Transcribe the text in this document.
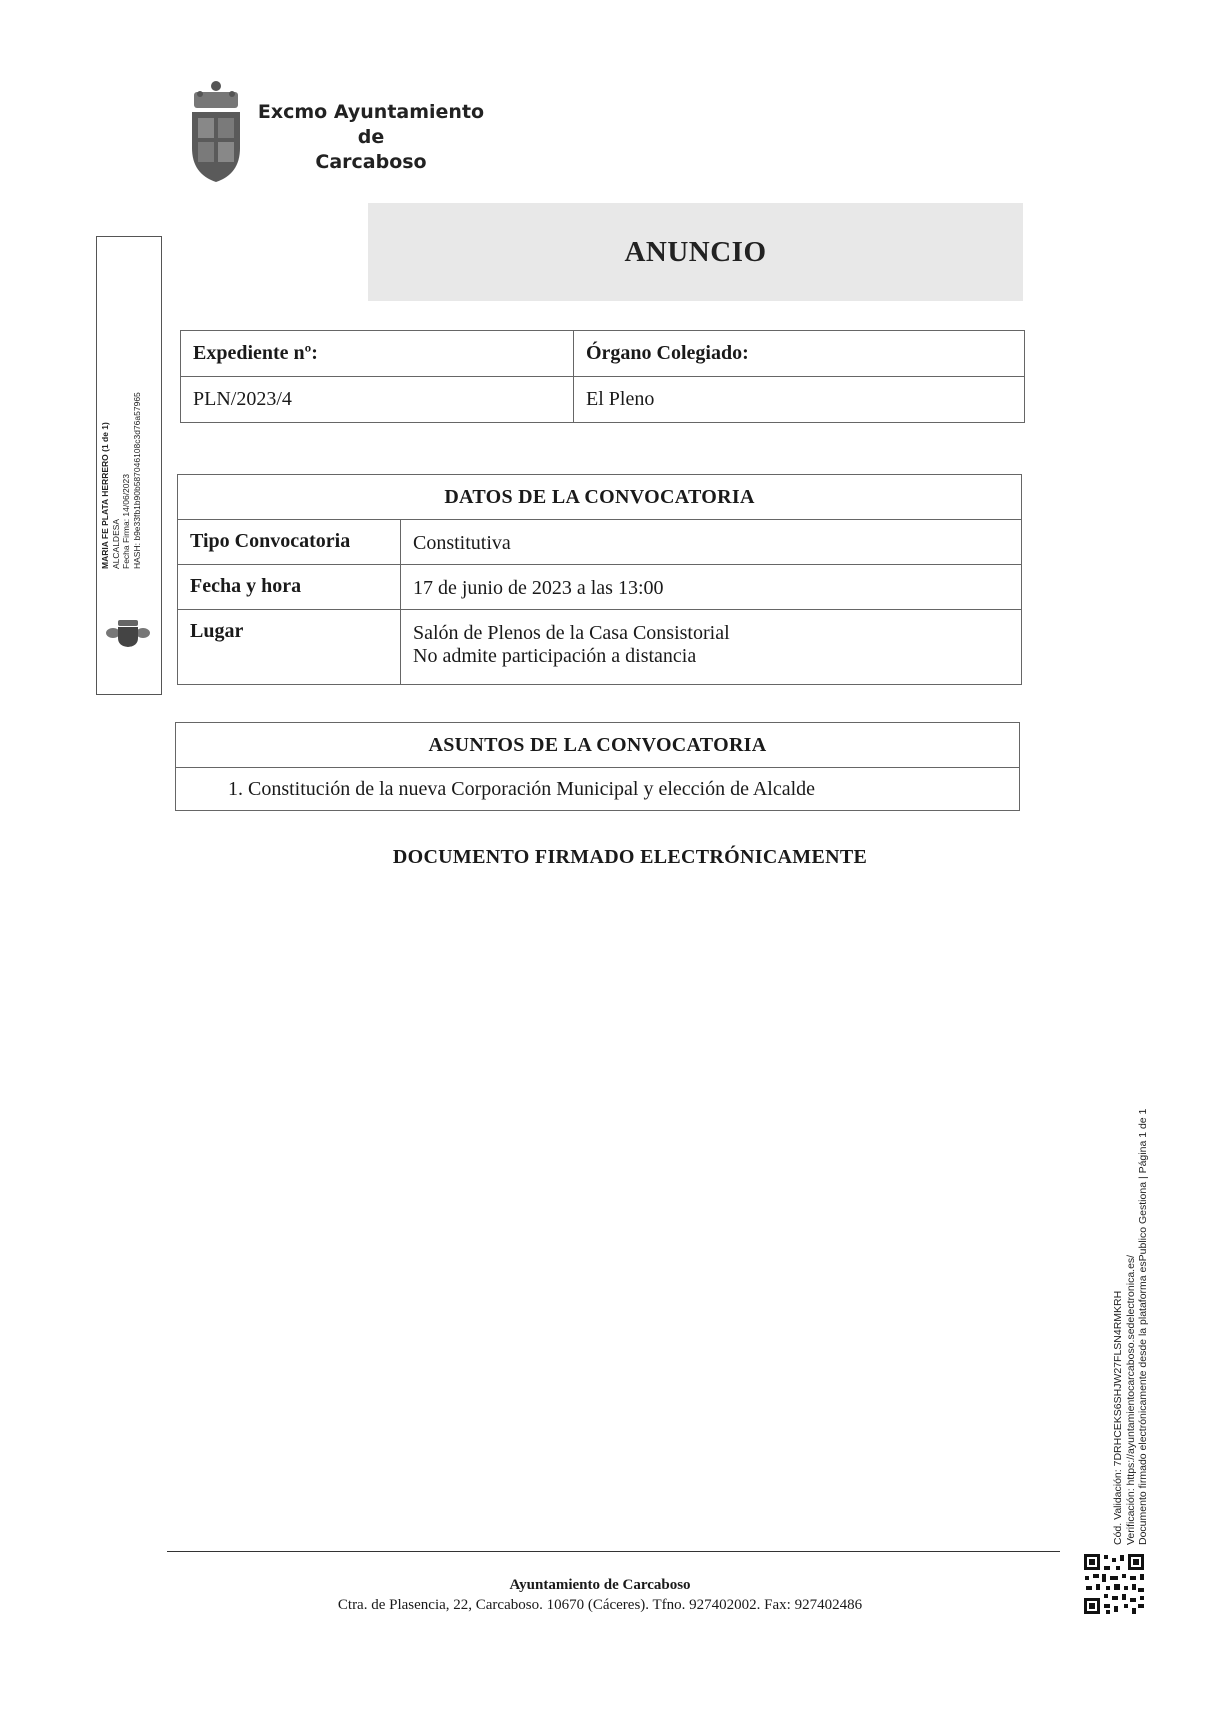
Excmo Ayuntamiento
de
Carcaboso
ANUNCIO
MARIA FE PLATA HERRERO (1 de 1) ALCALDESA Fecha Firma: 14/06/2023 HASH: b9e33fb1b90b587046108c3d76a57965
Expediente nº:	Órgano Colegiado:
PLN/2023/4	El Pleno
DATOS DE LA CONVOCATORIA	
Tipo Convocatoria	Constitutiva
Fecha y hora	17 de junio de 2023 a las 13:00
Lugar	Salón de Plenos de la Casa Consistorial
No admite participación a distancia
ASUNTOS DE LA CONVOCATORIA
1. Constitución de la nueva Corporación Municipal y elección de Alcalde
DOCUMENTO FIRMADO ELECTRÓNICAMENTE
Cód. Validación: 7DRHCEKS6SHJW27FLSN4RMKRH Verificación: https://ayuntamientocarcaboso.sedelectronica.es/ Documento firmado electrónicamente desde la plataforma esPublico Gestiona | Página 1 de 1
Ayuntamiento de Carcaboso
Ctra. de Plasencia, 22, Carcaboso. 10670 (Cáceres). Tfno. 927402002. Fax: 927402486
